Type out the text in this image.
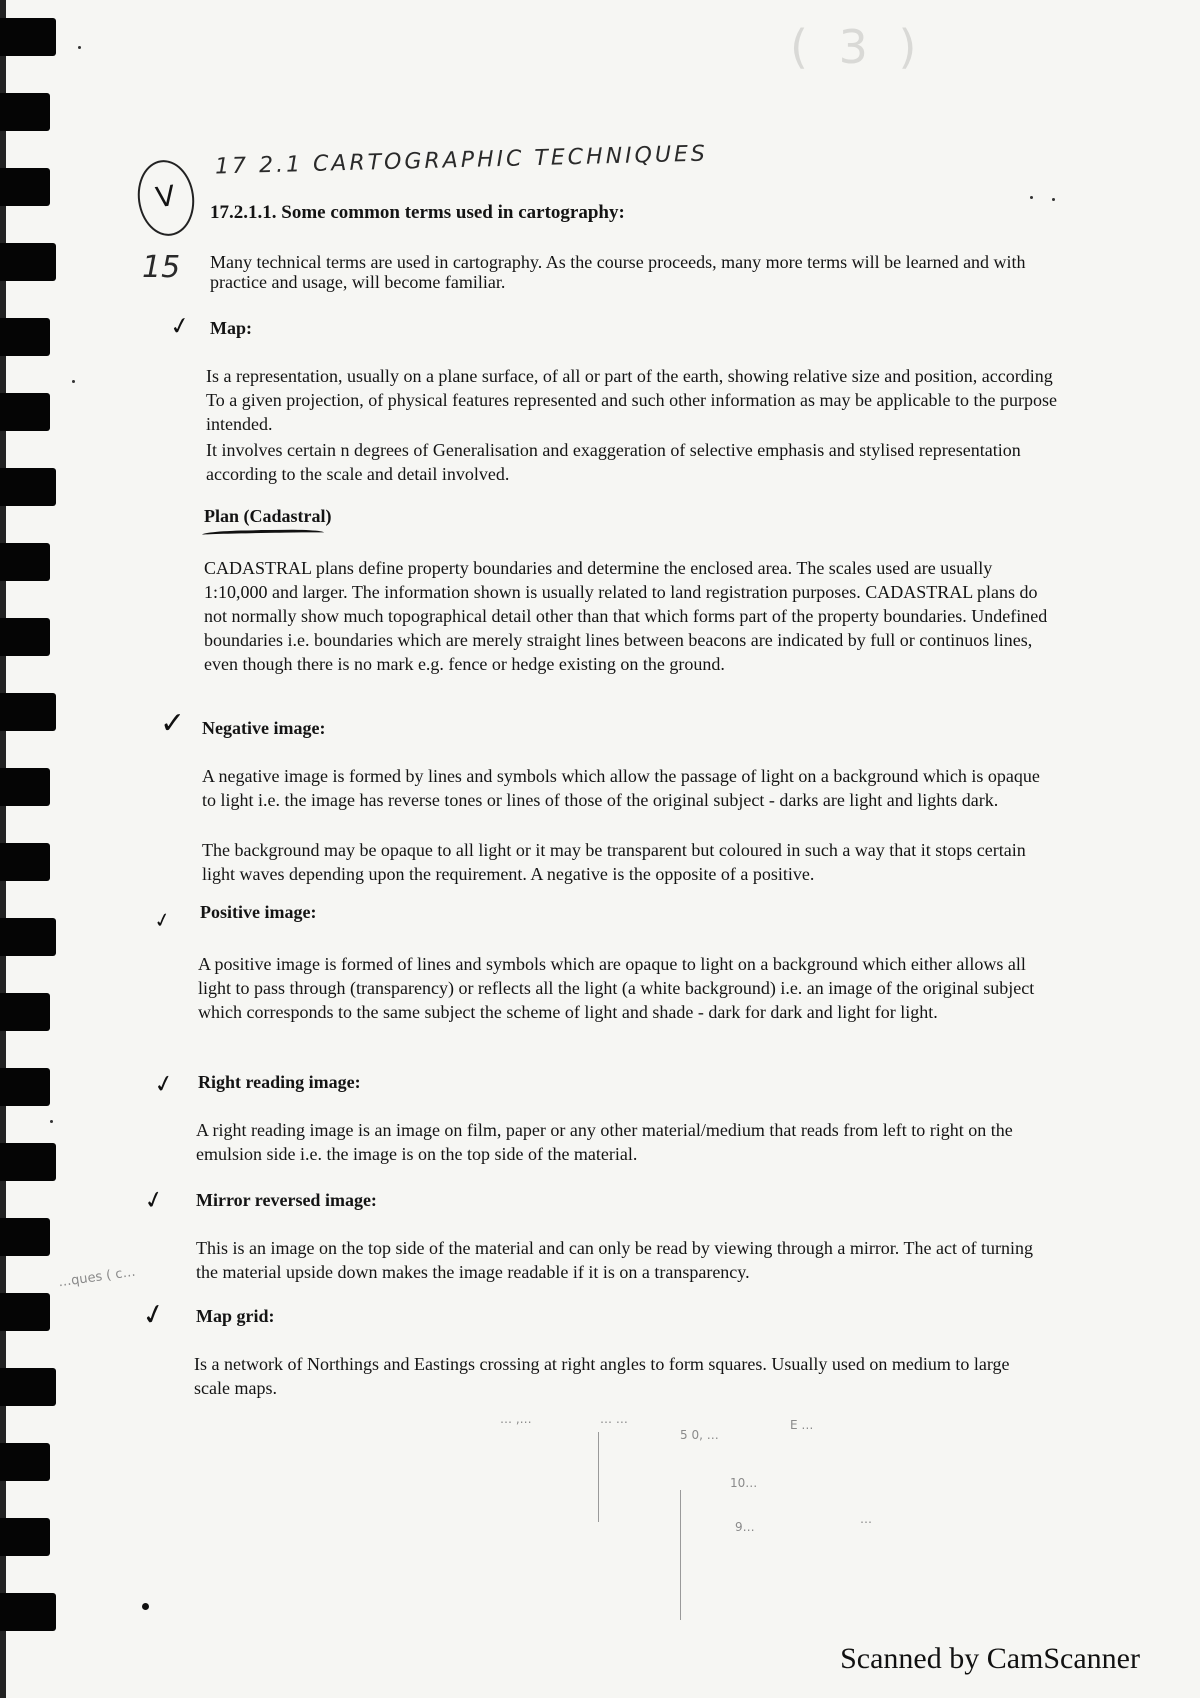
( 3 )
V
17 2.1 CARTOGRAPHIC TECHNIQUES
15
17.2.1.1. Some common terms used in cartography:
Many technical terms are used in cartography. As the course proceeds, many more terms will be learned and with practice and usage, will become familiar.
✓ Map:

Is a representation, usually on a plane surface, of all or part of the earth, showing relative size and position, according To a given projection, of physical features represented and such other information as may be applicable to the purpose intended.

It involves certain n degrees of Generalisation and exaggeration of selective emphasis and stylised representation according to the scale and detail involved.

Plan (Cadastral)

CADASTRAL plans define property boundaries and determine the enclosed area. The scales used are usually 1:10,000 and larger. The information shown is usually related to land registration purposes. CADASTRAL plans do not normally show much topographical detail other than that which forms part of the property boundaries. Undefined boundaries i.e. boundaries which are merely straight lines between beacons are indicated by full or continuos lines, even though there is no mark e.g. fence or hedge existing on the ground.

✓ Negative image:

A negative image is formed by lines and symbols which allow the passage of light on a background which is opaque to light i.e. the image has reverse tones or lines of those of the original subject - darks are light and lights dark.

The background may be opaque to all light or it may be transparent but coloured in such a way that it stops certain light waves depending upon the requirement. A negative is the opposite of a positive.

✓ Positive image:

A positive image is formed of lines and symbols which are opaque to light on a background which either allows all light to pass through (transparency) or reflects all the light (a white background) i.e. an image of the original subject which corresponds to the same subject the scheme of light and shade - dark for dark and light for light.

✓ Right reading image:

A right reading image is an image on film, paper or any other material/medium that reads from left to right on the emulsion side i.e. the image is on the top side of the material.

✓ Mirror reversed image:

This is an image on the top side of the material and can only be read by viewing through a mirror. The act of turning the material upside down makes the image readable if it is on a transparency.

…ques ( c…
✓ Map grid:

Is a network of Northings and Eastings crossing at right angles to form squares. Usually used on medium to large scale maps.

… ,…	… …
5 0, …
E …
10…
9…
…
Scanned by CamScanner
